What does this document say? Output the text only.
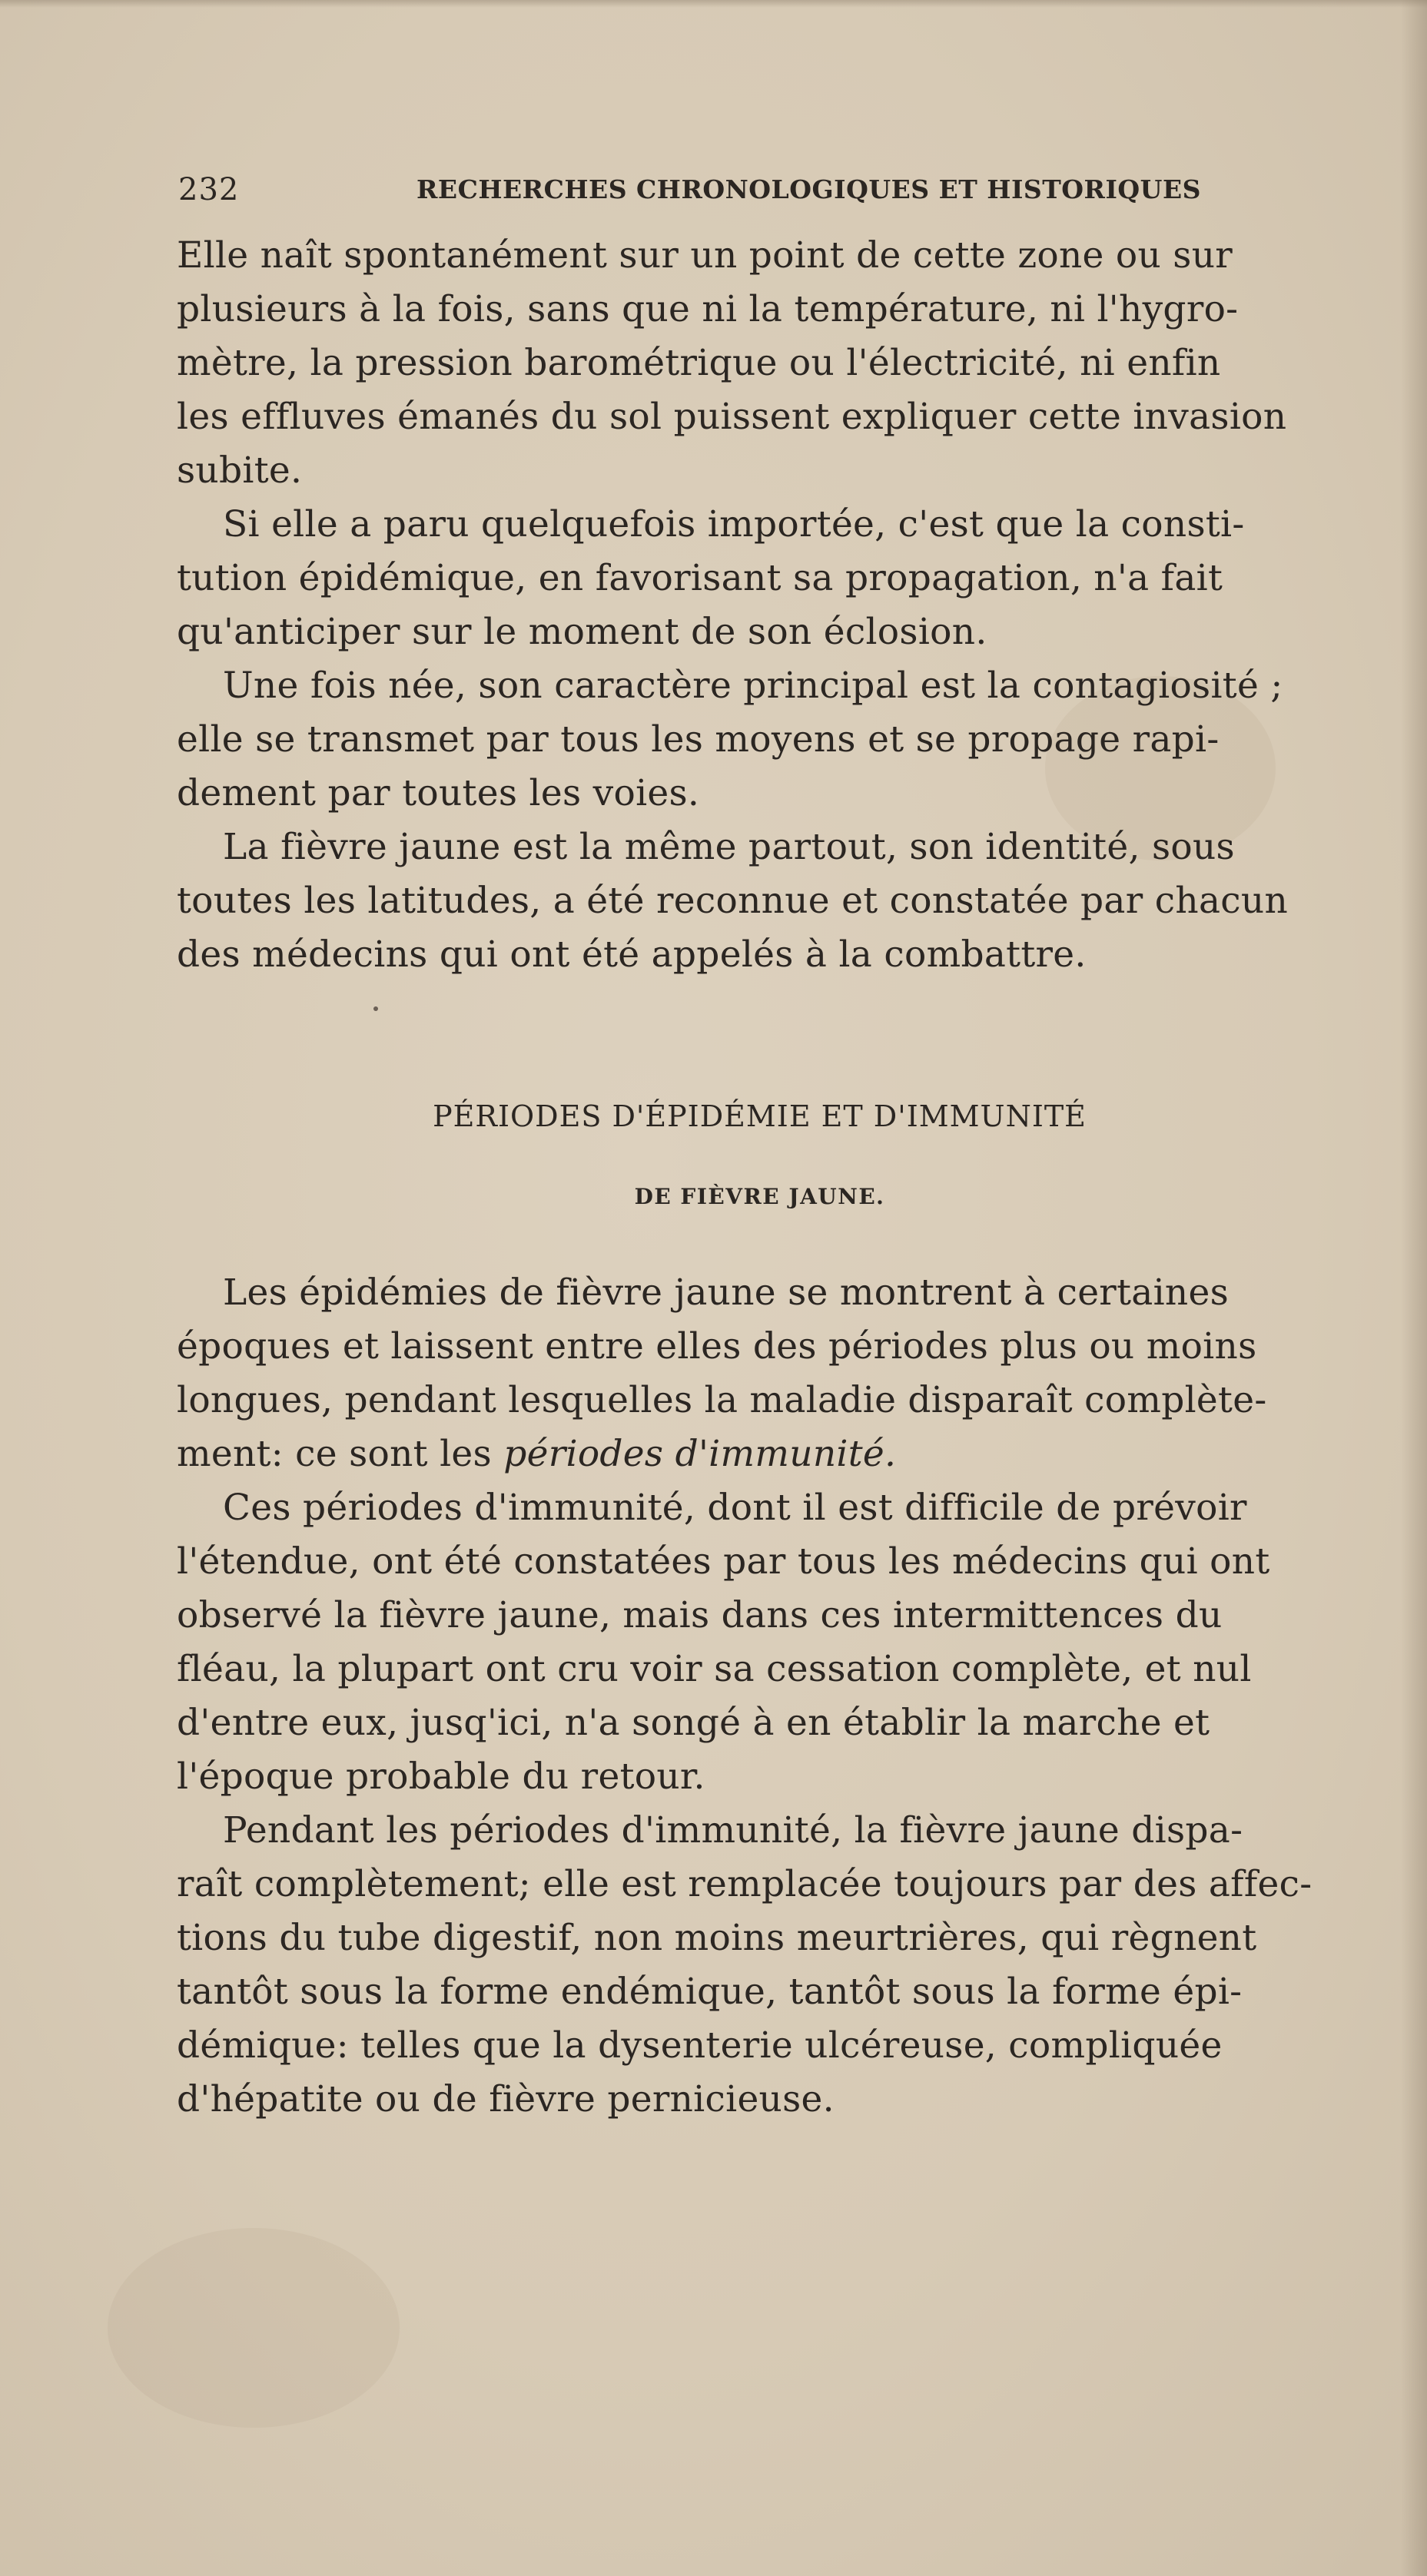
232	RECHERCHES CHRONOLOGIQUES ET HISTORIQUES
Elle naît spontanément sur un point de cette zone ou sur
plusieurs à la fois, sans que ni la température, ni l'hygro-
mètre, la pression barométrique ou l'électricité, ni enfin
les effluves émanés du sol puissent expliquer cette invasion
subite.
Si elle a paru quelquefois importée, c'est que la consti-
tution épidémique, en favorisant sa propagation, n'a fait
qu'anticiper sur le moment de son éclosion.
Une fois née, son caractère principal est la contagiosité ;
elle se transmet par tous les moyens et se propage rapi-
dement par toutes les voies.
La fièvre jaune est la même partout, son identité, sous
toutes les latitudes, a été reconnue et constatée par chacun
des médecins qui ont été appelés à la combattre.
PÉRIODES D'ÉPIDÉMIE ET D'IMMUNITÉ
DE FIÈVRE JAUNE.
Les épidémies de fièvre jaune se montrent à certaines
époques et laissent entre elles des périodes plus ou moins
longues, pendant lesquelles la maladie disparaît complète-
ment: ce sont les périodes d'immunité.
Ces périodes d'immunité, dont il est difficile de prévoir
l'étendue, ont été constatées par tous les médecins qui ont
observé la fièvre jaune, mais dans ces intermittences du
fléau, la plupart ont cru voir sa cessation complète, et nul
d'entre eux, jusq'ici, n'a songé à en établir la marche et
l'époque probable du retour.
Pendant les périodes d'immunité, la fièvre jaune dispa-
raît complètement; elle est remplacée toujours par des affec-
tions du tube digestif, non moins meurtrières, qui règnent
tantôt sous la forme endémique, tantôt sous la forme épi-
démique: telles que la dysenterie ulcéreuse, compliquée
d'hépatite ou de fièvre pernicieuse.
